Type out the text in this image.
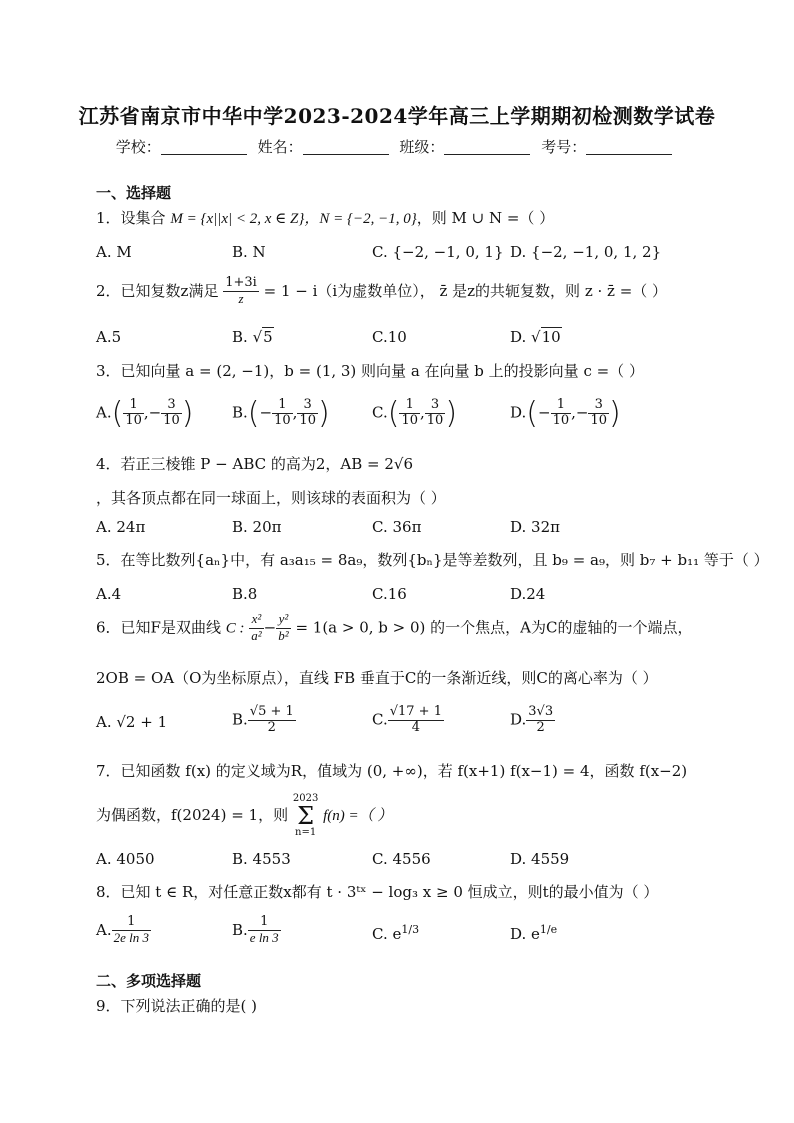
江苏省南京市中华中学2023-2024学年高三上学期期初检测数学试卷
学校：	姓名：	班级：	考号：
一、选择题
1．设集合 M = {x||x| < 2, x ∈ Z}，N = {−2, −1, 0}，则 M ∪ N =（ ）
A. M	B. N	C. {−2, −1, 0, 1} D. {−2, −1, 0, 1, 2}
2．已知复数z满足 $\frac{1+3i}{z} = 1 - i(i$为虚数单位）， z̄ 是z的共轭复数，则 z · z̄ =（ ）
A.5	B. √5	C.10	D. √10
3．已知向量 a = (2, −1)，b = (1, 3) 则向量 a 在向量 b 上的投影向量 c =（ ）
$A.( \frac{1}{10}$ ,− $\frac{3}{10}$ )	$B.(- \frac{1}{10}$ , $\frac{3}{10}$ )	$C.( \frac{1}{10}$ , $\frac{3}{10}$ )	$D.(- \frac{1}{10}$ ,− $\frac{3}{10}$ )
4．若正三棱锥 P − ABC 的高为2，AB = 2√6
，其各顶点都在同一球面上，则该球的表面积为（ ）
A. 24π	B. 20π	C. 36π	D. 32π
5．在等比数列{aₙ}中，有 a₃a₁₅ = 8a₉，数列{bₙ}是等差数列，且 b₉ = a₉，则 b₇ + b₁₁ 等于（ ）
A.4	B.8	C.16	D.24
6．已知F是双曲线 C : $\frac{\text{x²}}{\text{a²}} - \frac{\text{y²}}{\text{b²}} = 1(a > 0$, b > 0) 的一个焦点，A为C的虚轴的一个端点，
2OB = OA（O为坐标原点），直线 FB 垂直于C的一条渐近线，则C的离心率为（ ）
A. √2 + 1	B. $\frac{√5 + 1}{2}$	C. $\frac{√17 + 1}{4}$	D. $\frac{3√3}{2}$
7．已知函数 f(x) 的定义域为R，值域为 (0, +∞)，若 f(x+1) f(x−1) = 4，函数 f(x−2)
为偶函数，f(2024) = 1，则 2023
Σ
n=1 f(n) =（ ）
A. 4050	B. 4553	C. 4556	D. 4559
8．已知 t ∈ R，对任意正数x都有 t · 3ᵗˣ − log₃ x ≥ 0 恒成立，则t的最小值为（ ）
A. $\frac{1}{\text{2e ln 3}}$	B. $\frac{1}{\text{e ln 3}}$	C. $e^{1/3}$	D. $e^{1/e}$
二、多项选择题
9．下列说法正确的是( )
